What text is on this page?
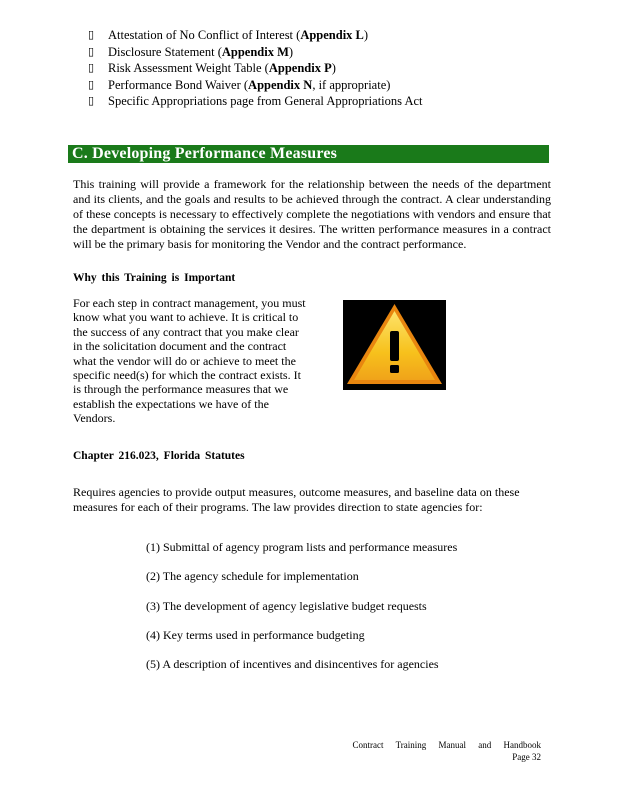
▯ Attestation of No Conflict of Interest (Appendix L)
▯ Disclosure Statement (Appendix M)
▯ Risk Assessment Weight Table (Appendix P)
▯ Performance Bond Waiver (Appendix N, if appropriate)
▯ Specific Appropriations page from General Appropriations Act
C. Developing Performance Measures

This training will provide a framework for the relationship between the needs of the department and its clients, and the goals and results to be achieved through the contract. A clear understanding of these concepts is necessary to effectively complete the negotiations with vendors and ensure that the department is obtaining the services it desires. The written performance measures in a contract will be the primary basis for monitoring the Vendor and the contract performance.

Why this Training is Important

For each step in contract management, you must know what you want to achieve. It is critical to the success of any contract that you make clear in the solicitation document and the contract what the vendor will do or achieve to meet the specific need(s) for which the contract exists. It is through the performance measures that we establish the expectations we have of the Vendors.

Chapter 216.023, Florida Statutes

Requires agencies to provide output measures, outcome measures, and baseline data on these measures for each of their programs. The law provides direction to state agencies for:

(1) Submittal of agency program lists and performance measures
(2) The agency schedule for implementation
(3) The development of agency legislative budget requests
(4) Key terms used in performance budgeting
(5) A description of incentives and disincentives for agencies
Contract Training Manual and Handbook
Page 32
